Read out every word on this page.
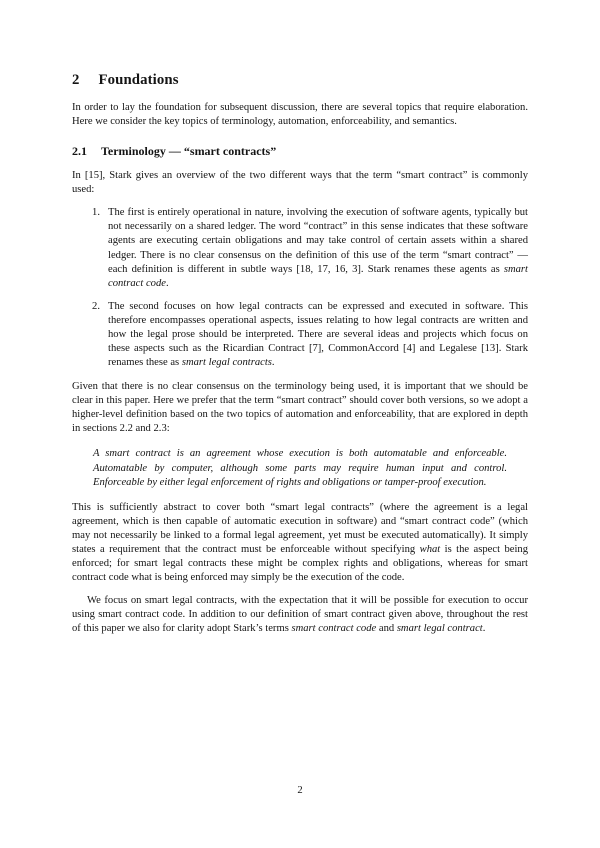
2 Foundations

In order to lay the foundation for subsequent discussion, there are several topics that require elaboration. Here we consider the key topics of terminology, automation, enforceability, and semantics.

2.1 Terminology — “smart contracts”

In [15], Stark gives an overview of the two different ways that the term “smart contract” is commonly used:

1. The first is entirely operational in nature, involving the execution of software agents, typically but not necessarily on a shared ledger. The word “contract” in this sense indicates that these software agents are executing certain obligations and may take control of certain assets within a shared ledger. There is no clear consensus on the definition of this use of the term “smart contract” — each definition is different in subtle ways [18, 17, 16, 3]. Stark renames these agents as smart contract code.

2. The second focuses on how legal contracts can be expressed and executed in software. This therefore encompasses operational aspects, issues relating to how legal contracts are written and how the legal prose should be interpreted. There are several ideas and projects which focus on these aspects such as the Ricardian Contract [7], CommonAccord [4] and Legalese [13]. Stark renames these as smart legal contracts.

Given that there is no clear consensus on the terminology being used, it is important that we should be clear in this paper. Here we prefer that the term “smart contract” should cover both versions, so we adopt a higher-level definition based on the two topics of automation and enforceability, that are explored in depth in sections 2.2 and 2.3:

A smart contract is an agreement whose execution is both automatable and enforceable. Automatable by computer, although some parts may require human input and control. Enforceable by either legal enforcement of rights and obligations or tamper-proof execution.

This is sufficiently abstract to cover both “smart legal contracts” (where the agreement is a legal agreement, which is then capable of automatic execution in software) and “smart contract code” (which may not necessarily be linked to a formal legal agreement, yet must be executed automatically). It simply states a requirement that the contract must be enforceable without specifying what is the aspect being enforced; for smart legal contracts these might be complex rights and obligations, whereas for smart contract code what is being enforced may simply be the execution of the code.

We focus on smart legal contracts, with the expectation that it will be possible for execution to occur using smart contract code. In addition to our definition of smart contract given above, throughout the rest of this paper we also for clarity adopt Stark’s terms smart contract code and smart legal contract.

2
